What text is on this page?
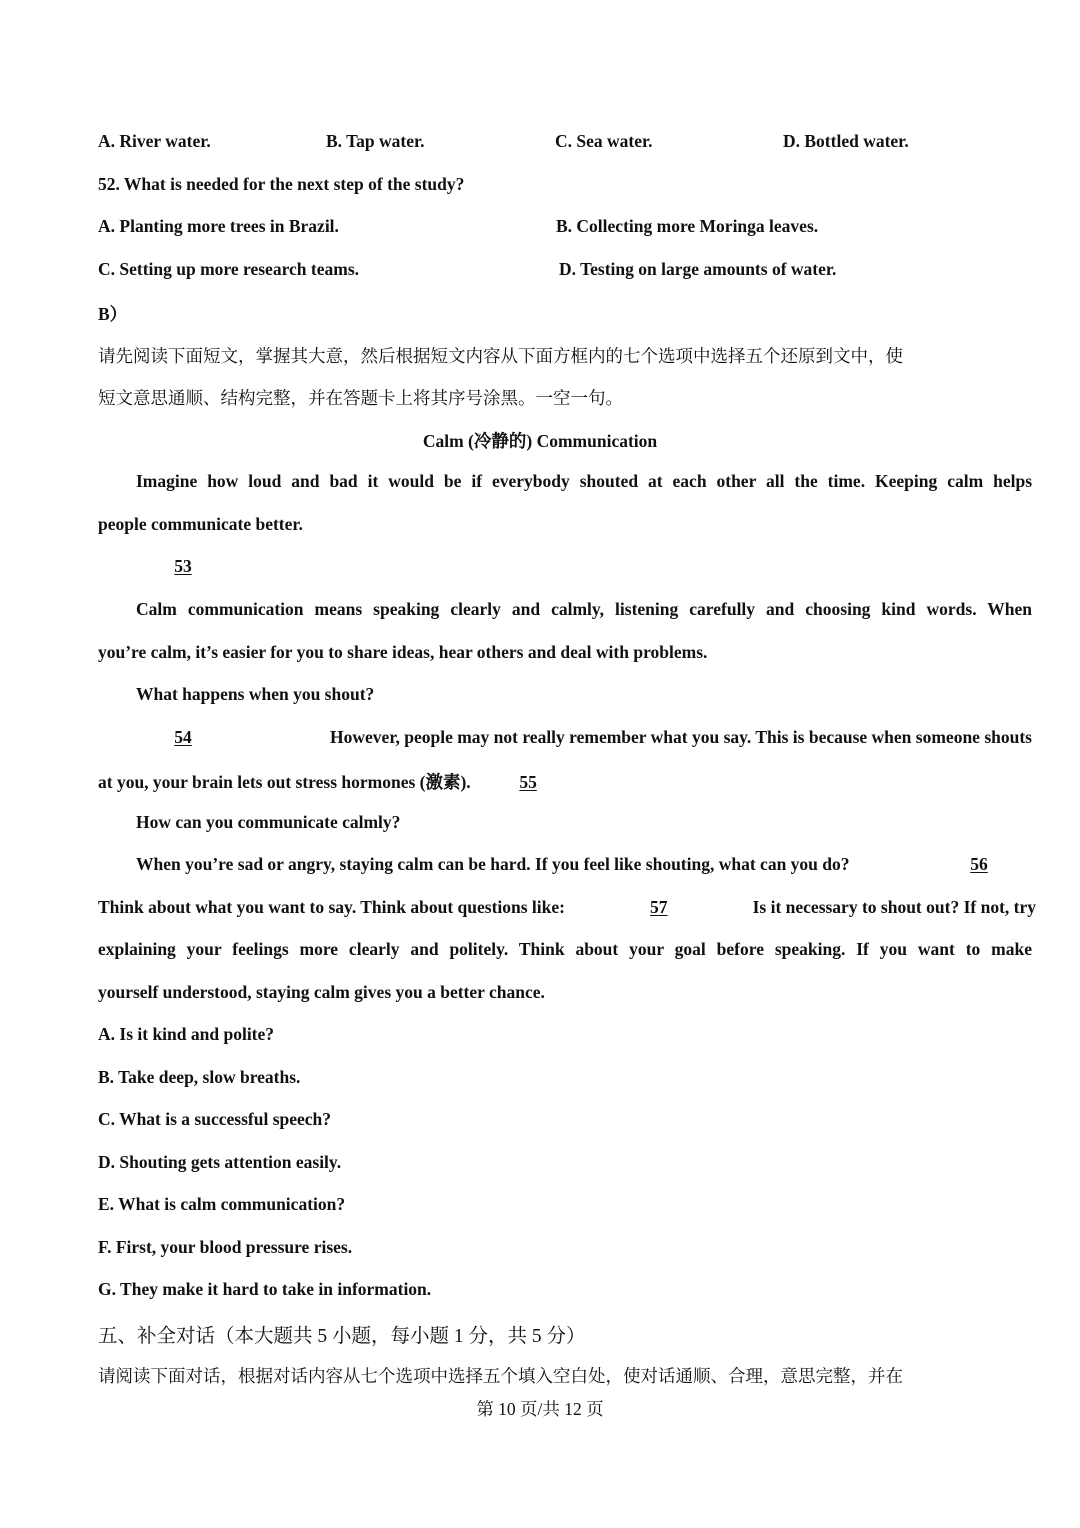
A. River water.	B. Tap water.	C. Sea water.	D. Bottled water.
52. What is needed for the next step of the study?
A. Planting more trees in Brazil.	B. Collecting more Moringa leaves.
C. Setting up more research teams.	D. Testing on large amounts of water.
B）
请先阅读下面短文，掌握其大意，然后根据短文内容从下面方框内的七个选项中选择五个还原到文中，使
短文意思通顺、结构完整，并在答题卡上将其序号涂黑。一空一句。
Calm (冷静的) Communication
Imagine how loud and bad it would be if everybody shouted at each other all the time. Keeping calm helps
people communicate better.
53
Calm communication means speaking clearly and calmly, listening carefully and choosing kind words. When
you’re calm, it’s easier for you to share ideas, hear others and deal with problems.
What happens when you shout?
54	However, people may not really remember what you say. This is because when someone shouts
at you, your brain lets out stress hormones (激素).	55
How can you communicate calmly?
When you’re sad or angry, staying calm can be hard. If you feel like shouting, what can you do?	56
Think about what you want to say. Think about questions like:	57	Is it necessary to shout out? If not, try
explaining your feelings more clearly and politely. Think about your goal before speaking. If you want to make
yourself understood, staying calm gives you a better chance.
A. Is it kind and polite?
B. Take deep, slow breaths.
C. What is a successful speech?
D. Shouting gets attention easily.
E. What is calm communication?
F. First, your blood pressure rises.
G. They make it hard to take in information.
五、补全对话（本大题共 5 小题，每小题 1 分，共 5 分）
请阅读下面对话，根据对话内容从七个选项中选择五个填入空白处，使对话通顺、合理，意思完整，并在
第 10 页/共 12 页
